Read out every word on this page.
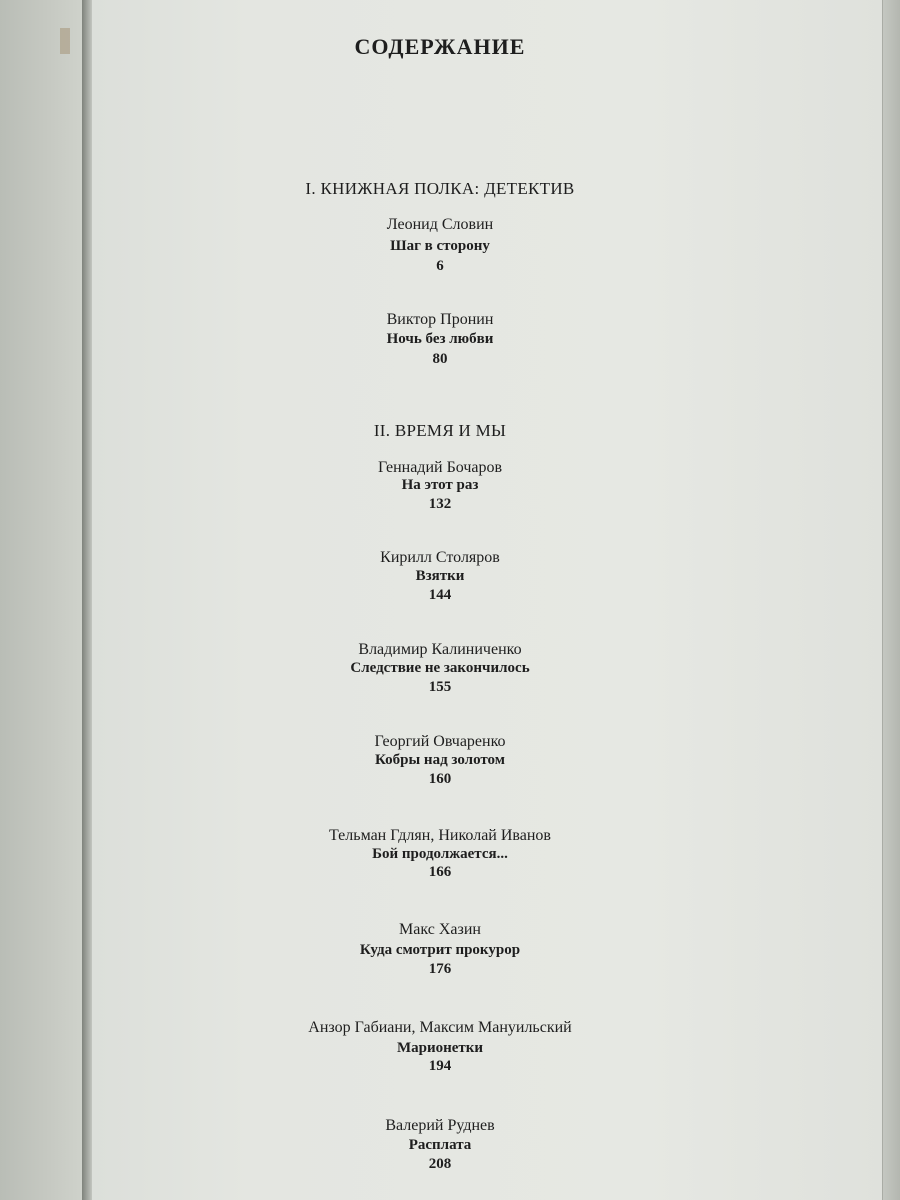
СОДЕРЖАНИЕ
I. КНИЖНАЯ ПОЛКА: ДЕТЕКТИВ
Леонид Словин
Шаг в сторону
6
Виктор Пронин
Ночь без любви
80
II. ВРЕМЯ И МЫ
Геннадий Бочаров
На этот раз
132
Кирилл Столяров
Взятки
144
Владимир Калиниченко
Следствие не закончилось
155
Георгий Овчаренко
Кобры над золотом
160
Тельман Гдлян, Николай Иванов
Бой продолжается...
166
Макс Хазин
Куда смотрит прокурор
176
Анзор Габиани, Максим Мануильский
Марионетки
194
Валерий Руднев
Расплата
208
